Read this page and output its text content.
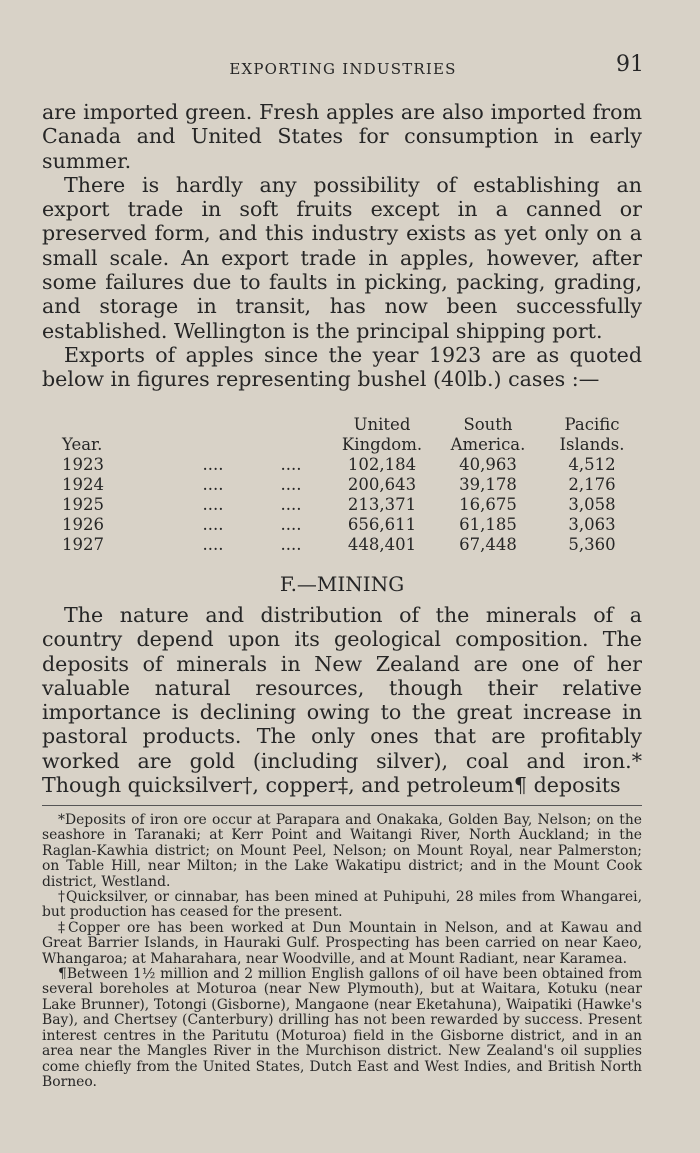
EXPORTING INDUSTRIES	91

are imported green. Fresh apples are also imported from Canada and United States for consumption in early summer.

There is hardly any possibility of establishing an export trade in soft fruits except in a canned or preserved form, and this industry exists as yet only on a small scale. An export trade in apples, however, after some failures due to faults in picking, packing, grading, and storage in transit, has now been successfully established. Wellington is the principal shipping port.

Exports of apples since the year 1923 are as quoted below in figures representing bushel (40lb.) cases :—

			United	South	Pacific
Year.			Kingdom.	America.	Islands.
1923	....	....	102,184	40,963	4,512
1924	....	....	200,643	39,178	2,176
1925	....	....	213,371	16,675	3,058
1926	....	....	656,611	61,185	3,063
1927	....	....	448,401	67,448	5,360
F.—MINING

The nature and distribution of the minerals of a country depend upon its geological composition. The deposits of minerals in New Zealand are one of her valuable natural resources, though their relative importance is declining owing to the great increase in pastoral products. The only ones that are profitably worked are gold (including silver), coal and iron.* Though quicksilver†, copper‡, and petroleum¶ deposits

*Deposits of iron ore occur at Parapara and Onakaka, Golden Bay, Nelson; on the seashore in Taranaki; at Kerr Point and Waitangi River, North Auckland; in the Raglan-Kawhia district; on Mount Peel, Nelson; on Mount Royal, near Palmerston; on Table Hill, near Milton; in the Lake Wakatipu district; and in the Mount Cook district, Westland.

†Quicksilver, or cinnabar, has been mined at Puhipuhi, 28 miles from Whangarei, but production has ceased for the present.

‡Copper ore has been worked at Dun Mountain in Nelson, and at Kawau and Great Barrier Islands, in Hauraki Gulf. Prospecting has been carried on near Kaeo, Whangaroa; at Maharahara, near Woodville, and at Mount Radiant, near Karamea.

¶Between 1½ million and 2 million English gallons of oil have been obtained from several boreholes at Moturoa (near New Plymouth), but at Waitara, Kotuku (near Lake Brunner), Totongi (Gisborne), Mangaone (near Eketahuna), Waipatiki (Hawke's Bay), and Chertsey (Canterbury) drilling has not been rewarded by success. Present interest centres in the Paritutu (Moturoa) field in the Gisborne district, and in an area near the Mangles River in the Murchison district. New Zealand's oil supplies come chiefly from the United States, Dutch East and West Indies, and British North Borneo.
